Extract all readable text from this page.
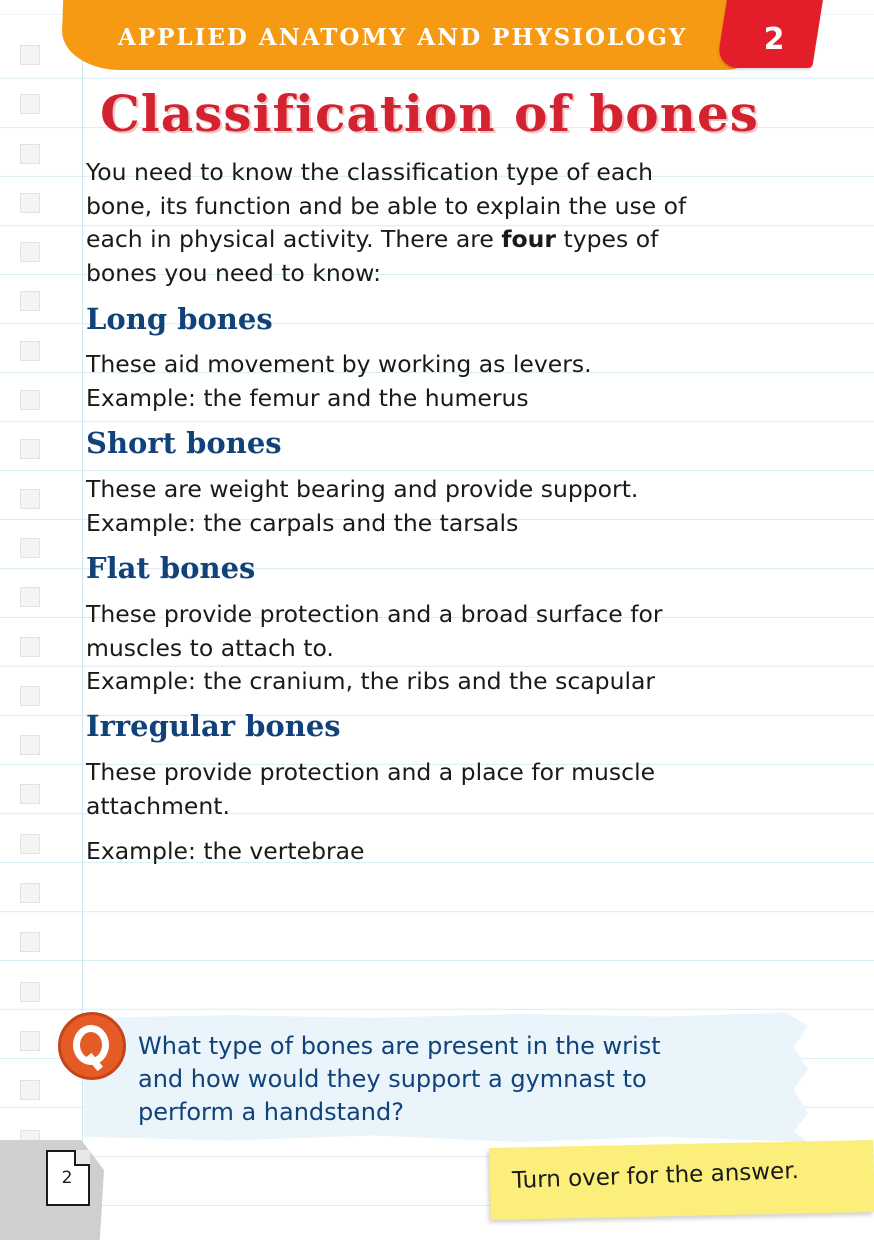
APPLIED ANATOMY AND PHYSIOLOGY	2
Classification of bones
You need to know the classification type of each
bone, its function and be able to explain the use of
each in physical activity. There are four types of
bones you need to know:
Long bones
These aid movement by working as levers.
Example: the femur and the humerus
Short bones
These are weight bearing and provide support.
Example: the carpals and the tarsals
Flat bones
These provide protection and a broad surface for
muscles to attach to.
Example: the cranium, the ribs and the scapular
Irregular bones
These provide protection and a place for muscle
attachment.
Example: the vertebrae
What type of bones are present in the wrist
and how would they support a gymnast to
perform a handstand?
2	Turn over for the answer.
